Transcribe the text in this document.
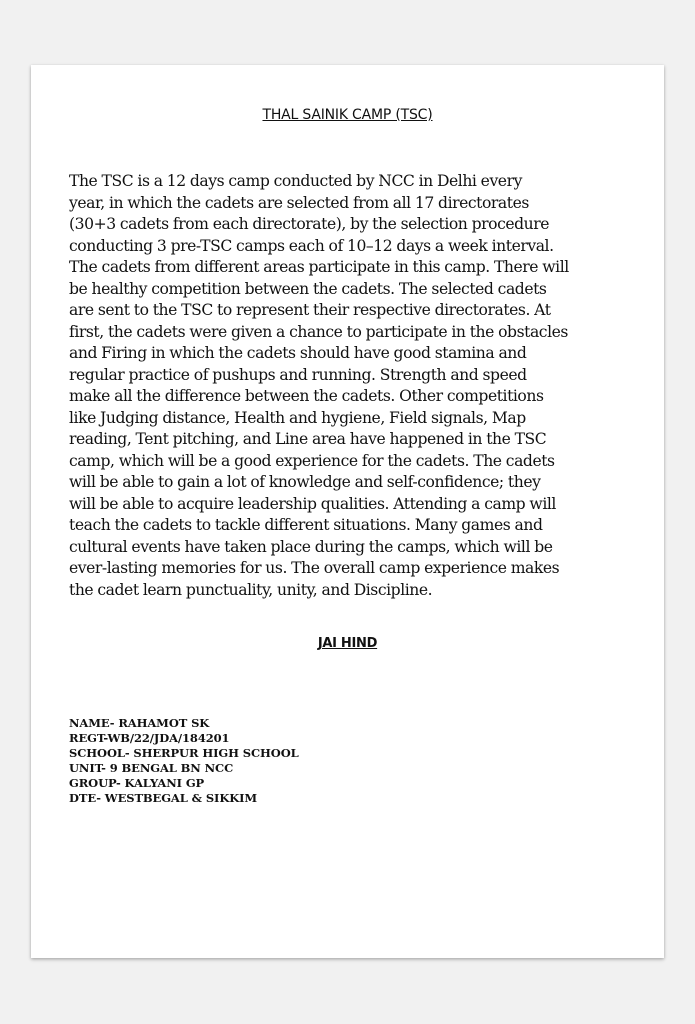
THAL SAINIK CAMP (TSC)

The TSC is a 12 days camp conducted by NCC in Delhi every
year, in which the cadets are selected from all 17 directorates
(30+3 cadets from each directorate), by the selection procedure
conducting 3 pre-TSC camps each of 10–12 days a week interval.
The cadets from different areas participate in this camp. There will
be healthy competition between the cadets. The selected cadets
are sent to the TSC to represent their respective directorates. At
first, the cadets were given a chance to participate in the obstacles
and Firing in which the cadets should have good stamina and
regular practice of pushups and running. Strength and speed
make all the difference between the cadets. Other competitions
like Judging distance, Health and hygiene, Field signals, Map
reading, Tent pitching, and Line area have happened in the TSC
camp, which will be a good experience for the cadets. The cadets
will be able to gain a lot of knowledge and self-confidence; they
will be able to acquire leadership qualities. Attending a camp will
teach the cadets to tackle different situations. Many games and
cultural events have taken place during the camps, which will be
ever-lasting memories for us. The overall camp experience makes
the cadet learn punctuality, unity, and Discipline.

JAI HIND
NAME- RAHAMOT SK
REGT-WB/22/JDA/184201
SCHOOL- SHERPUR HIGH SCHOOL
UNIT- 9 BENGAL BN NCC
GROUP- KALYANI GP
DTE- WESTBEGAL & SIKKIM
